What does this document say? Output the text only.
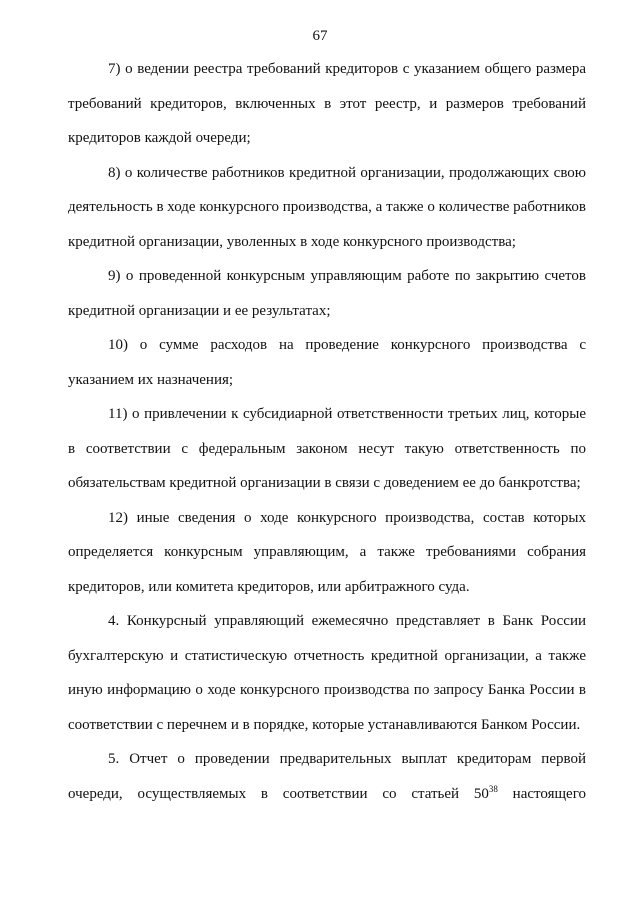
67

7) о ведении реестра требований кредиторов с указанием общего размера требований кредиторов, включенных в этот реестр, и размеров требований кредиторов каждой очереди;

8) о количестве работников кредитной организации, продолжающих свою деятельность в ходе конкурсного производства, а также о количестве работников кредитной организации, уволенных в ходе конкурсного производства;

9) о проведенной конкурсным управляющим работе по закрытию счетов кредитной организации и ее результатах;

10) о сумме расходов на проведение конкурсного производства с указанием их назначения;

11) о привлечении к субсидиарной ответственности третьих лиц, которые в соответствии с федеральным законом несут такую ответственность по обязательствам кредитной организации в связи с доведением ее до банкротства;

12) иные сведения о ходе конкурсного производства, состав которых определяется конкурсным управляющим, а также требованиями собрания кредиторов, или комитета кредиторов, или арбитражного суда.

4. Конкурсный управляющий ежемесячно представляет в Банк России бухгалтерскую и статистическую отчетность кредитной организации, а также иную информацию о ходе конкурсного производства по запросу Банка России в соответствии с перечнем и в порядке, которые устанавливаются Банком России.

5. Отчет о проведении предварительных выплат кредиторам первой очереди, осуществляемых в соответствии со статьей $50^{38}$ настоящего
